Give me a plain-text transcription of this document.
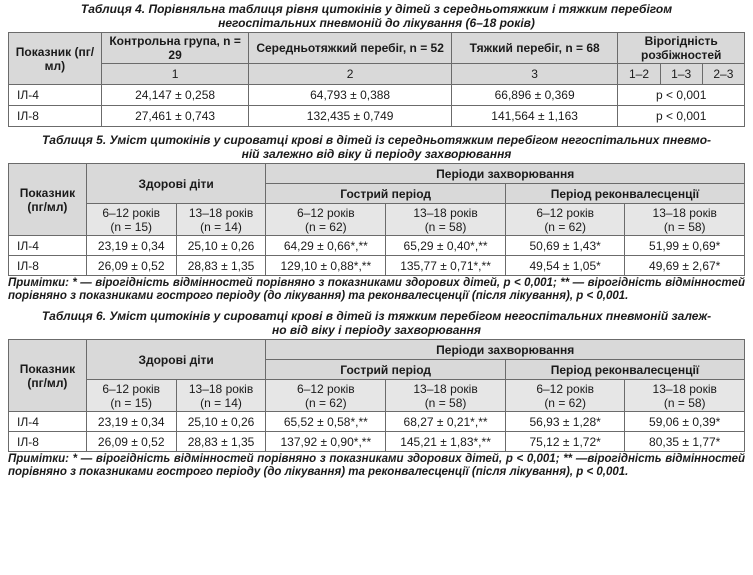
Таблиця 4. Порівняльна таблиця рівня цитокінів у дітей з середньотяжким і тяжким перебігом
негоспітальних пневмоній до лікування (6–18 років)
Показник (пг/мл)	Контрольна група, n = 29	Середньотяжкий перебіг, n = 52	Тяжкий перебіг, n = 68	Вірогідність розбіжностей		
	1	2	3	1–2	1–3	2–3
ІЛ-4	24,147 ± 0,258	64,793 ± 0,388	66,896 ± 0,369	p < 0,001		
ІЛ-8	27,461 ± 0,743	132,435 ± 0,749	141,564 ± 1,163	p < 0,001		
Таблиця 5. Уміст цитокінів у сироватці крові в дітей із середньотяжким перебігом негоспітальних пневмо-
ній залежно від віку й періоду захворювання
Показник (пг/мл)	Здорові діти		Періоди захворювання			
			Гострий період		Період реконвалесценції	
	6–12 років
(n = 15)	13–18 років
(n = 14)	6–12 років
(n = 62)	13–18 років
(n = 58)	6–12 років
(n = 62)	13–18 років
(n = 58)
ІЛ-4	23,19 ± 0,34	25,10 ± 0,26	64,29 ± 0,66*,**	65,29 ± 0,40*,**	50,69 ± 1,43*	51,99 ± 0,69*
ІЛ-8	26,09 ± 0,52	28,83 ± 1,35	129,10 ± 0,88*,**	135,77 ± 0,71*,**	49,54 ± 1,05*	49,69 ± 2,67*
Примітки: * — вірогідність відмінностей порівняно з показниками здорових дітей, p < 0,001; ** — вірогідність відмінностей порівняно з показниками гострого періоду (до лікування) та реконвалесценції (після лікування), p < 0,001.
Таблиця 6. Уміст цитокінів у сироватці крові в дітей із тяжким перебігом негоспітальних пневмоній залеж-
но від віку і періоду захворювання
Показник (пг/мл)	Здорові діти		Періоди захворювання			
			Гострий період		Період реконвалесценції	
	6–12 років
(n = 15)	13–18 років
(n = 14)	6–12 років
(n = 62)	13–18 років
(n = 58)	6–12 років
(n = 62)	13–18 років
(n = 58)
ІЛ-4	23,19 ± 0,34	25,10 ± 0,26	65,52 ± 0,58*,**	68,27 ± 0,21*,**	56,93 ± 1,28*	59,06 ± 0,39*
ІЛ-8	26,09 ± 0,52	28,83 ± 1,35	137,92 ± 0,90*,**	145,21 ± 1,83*,**	75,12 ± 1,72*	80,35 ± 1,77*
Примітки: * — вірогідність відмінностей порівняно з показниками здорових дітей, p < 0,001; ** —вірогідність відмінностей порівняно з показниками гострого періоду (до лікування) та реконвалесценції (після лікування), p < 0,001.
